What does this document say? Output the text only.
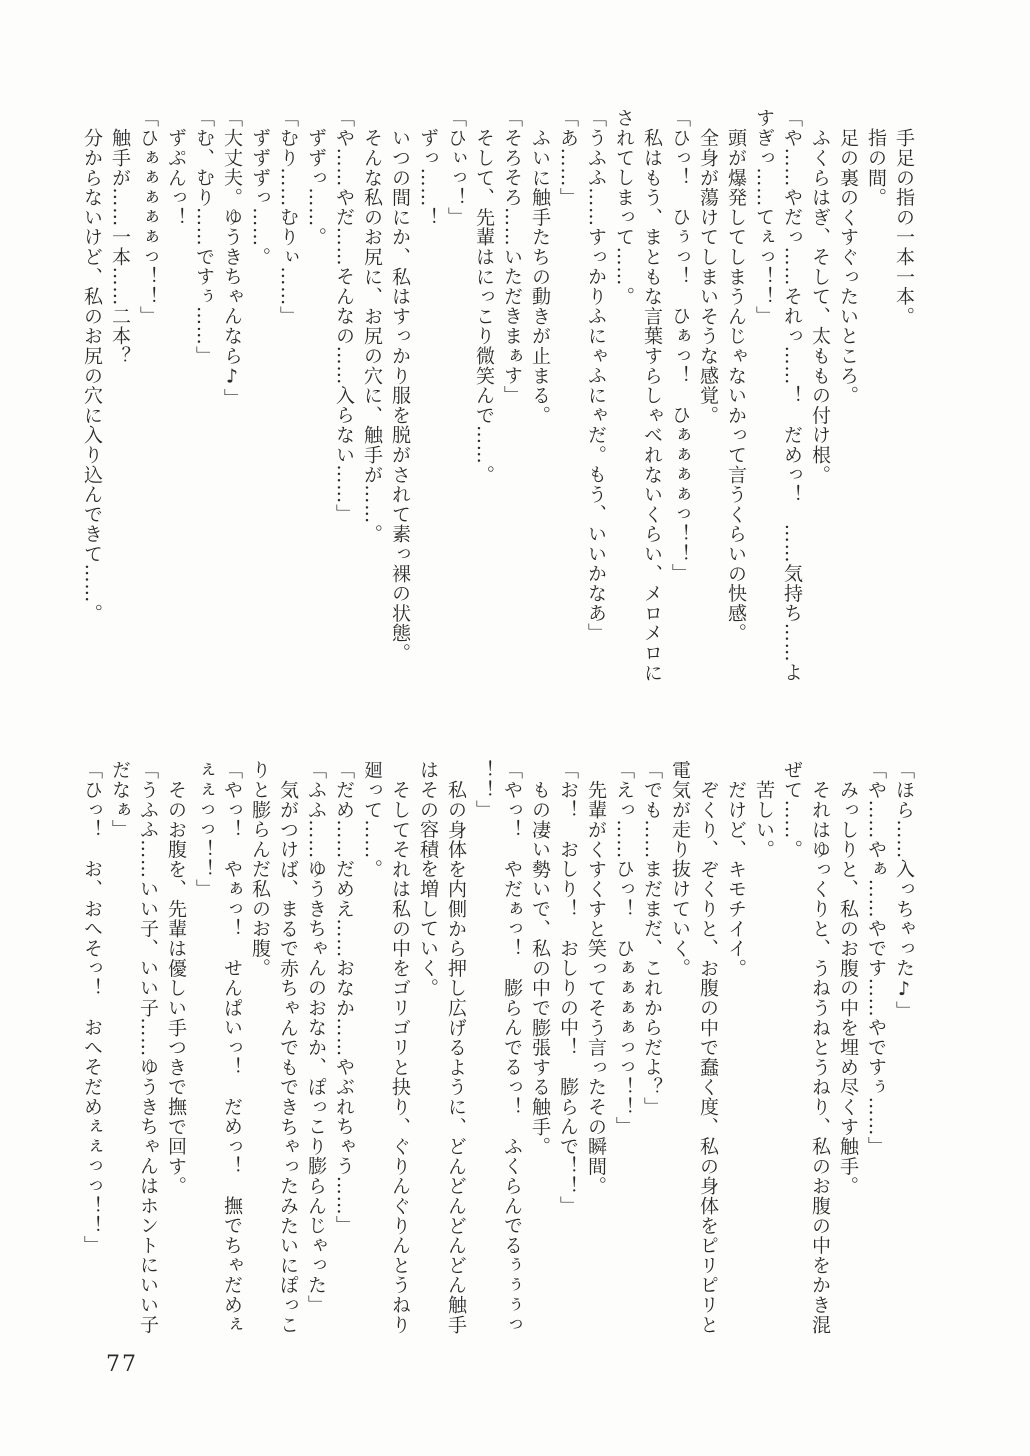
手足の指の一本一本。

指の間。

足の裏のくすぐったいところ。

ふくらはぎ、そして、太ももの付け根。

「や……やだっ……それっ……！　だめっ！　……気持ち……よ

すぎっ……てぇっ！！」

頭が爆発してしまうんじゃないかって言うくらいの快感。

全身が蕩けてしまいそうな感覚。

「ひっ！　ひぅっ！　ひぁっ！　ひぁぁぁぁっ！！」

私はもう、まともな言葉すらしゃべれないくらい、メロメロに

されてしまって……。

「うふふ……すっかりふにゃふにゃだ。もう、いいかなあ」

「あ……」

ふいに触手たちの動きが止まる。

「そろそろ……いただきまぁす」

そして、先輩はにっこり微笑んで……。

「ひぃっ！」

ずっ……！

いつの間にか、私はすっかり服を脱がされて素っ裸の状態。

そんな私のお尻に、お尻の穴に、触手が……。

「や……やだ……そんなの……入らない……」

ずずっ……。

「むり……むりぃ……」

ずずずっ……。

「大丈夫。ゆうきちゃんなら♪」

「む、むり……ですぅ……」

ずぷんっ！

「ひぁぁぁぁぁっ！！」

触手が……一本……二本？

分からないけど、私のお尻の穴に入り込んできて……。

「ほら……入っちゃった♪」

「や……やぁ……やです……やですぅ……」

みっしりと、私のお腹の中を埋め尽くす触手。

それはゆっくりと、うねうねとうねり、私のお腹の中をかき混

ぜて……。

苦しい。

だけど、キモチイイ。

ぞくり、ぞくりと、お腹の中で蠢く度、私の身体をピリピリと

電気が走り抜けていく。

「でも……まだまだ、これからだよ？」

「えっ……ひっ！　ひぁぁぁぁっっ！！」

先輩がくすくすと笑ってそう言ったその瞬間。

「お！　おしり！　おしりの中！　膨らんで！！」

もの凄い勢いで、私の中で膨張する触手。

「やっ！　やだぁっ！　膨らんでるっ！　ふくらんでるぅぅぅっ

！！」

私の身体を内側から押し広げるように、どんどんどんどん触手

はその容積を増していく。

そしてそれは私の中をゴリゴリと抉り、ぐりんぐりんとうねり

廻って……。

「だめ……だめえ……おなか……やぶれちゃう……」

「ふふ……ゆうきちゃんのおなか、ぽっこり膨らんじゃった」

気がつけば、まるで赤ちゃんでもできちゃったみたいにぽっこ

りと膨らんだ私のお腹。

「やっ！　やぁっ！　せんぱいっ！　だめっ！　撫でちゃだめぇ

ぇぇっっ！！」

そのお腹を、先輩は優しい手つきで撫で回す。

「うふふ……いい子、いい子……ゆうきちゃんはホントにいい子

だなぁ」

「ひっ！　お、おへそっ！　おへそだめぇぇっっ！！」

77
